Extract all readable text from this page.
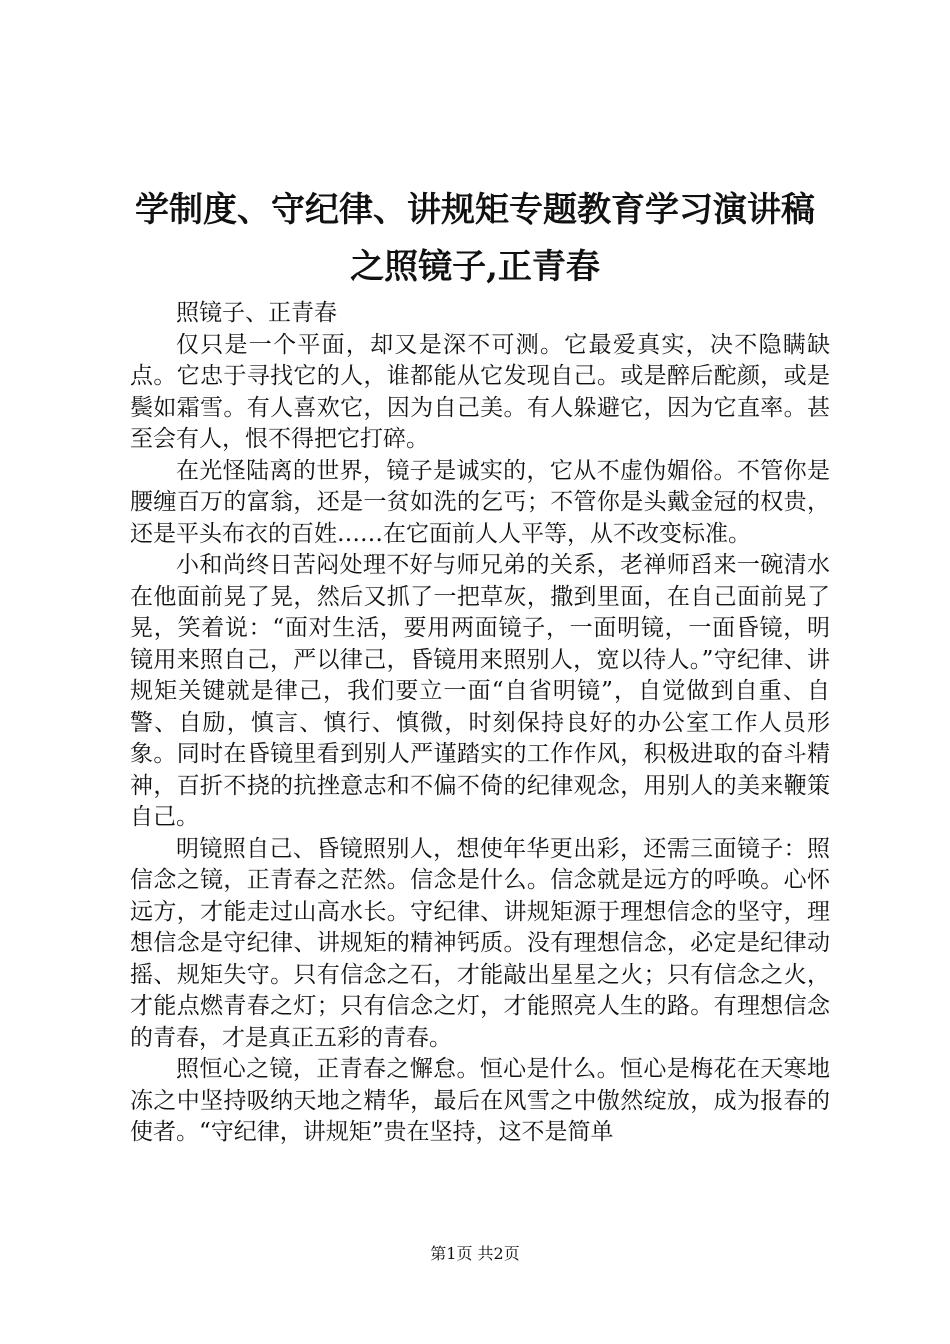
学制度、守纪律、讲规矩专题教育学习演讲稿
之照镜子,正青春

照镜子、正青春

仅只是一个平面，却又是深不可测。它最爱真实，决不隐瞒缺点。它忠于寻找它的人，谁都能从它发现自己。或是醉后酡颜，或是鬓如霜雪。有人喜欢它，因为自己美。有人躲避它，因为它直率。甚至会有人，恨不得把它打碎。

在光怪陆离的世界，镜子是诚实的，它从不虚伪媚俗。不管你是腰缠百万的富翁，还是一贫如洗的乞丐；不管你是头戴金冠的权贵，还是平头布衣的百姓……在它面前人人平等，从不改变标准。

小和尚终日苦闷处理不好与师兄弟的关系，老禅师舀来一碗清水在他面前晃了晃，然后又抓了一把草灰，撒到里面，在自己面前晃了晃，笑着说：“面对生活，要用两面镜子，一面明镜，一面昏镜，明镜用来照自己，严以律己，昏镜用来照别人，宽以待人。”守纪律、讲规矩关键就是律己，我们要立一面“自省明镜”，自觉做到自重、自警、自励，慎言、慎行、慎微，时刻保持良好的办公室工作人员形象。同时在昏镜里看到别人严谨踏实的工作作风，积极进取的奋斗精神，百折不挠的抗挫意志和不偏不倚的纪律观念，用别人的美来鞭策自己。

明镜照自己、昏镜照别人，想使年华更出彩，还需三面镜子：照信念之镜，正青春之茫然。信念是什么。信念就是远方的呼唤。心怀远方，才能走过山高水长。守纪律、讲规矩源于理想信念的坚守，理想信念是守纪律、讲规矩的精神钙质。没有理想信念，必定是纪律动摇、规矩失守。只有信念之石，才能敲出星星之火；只有信念之火，才能点燃青春之灯；只有信念之灯，才能照亮人生的路。有理想信念的青春，才是真正五彩的青春。

照恒心之镜，正青春之懈怠。恒心是什么。恒心是梅花在天寒地冻之中坚持吸纳天地之精华，最后在风雪之中傲然绽放，成为报春的使者。“守纪律，讲规矩”贵在坚持，这不是简单

第1页 共2页
